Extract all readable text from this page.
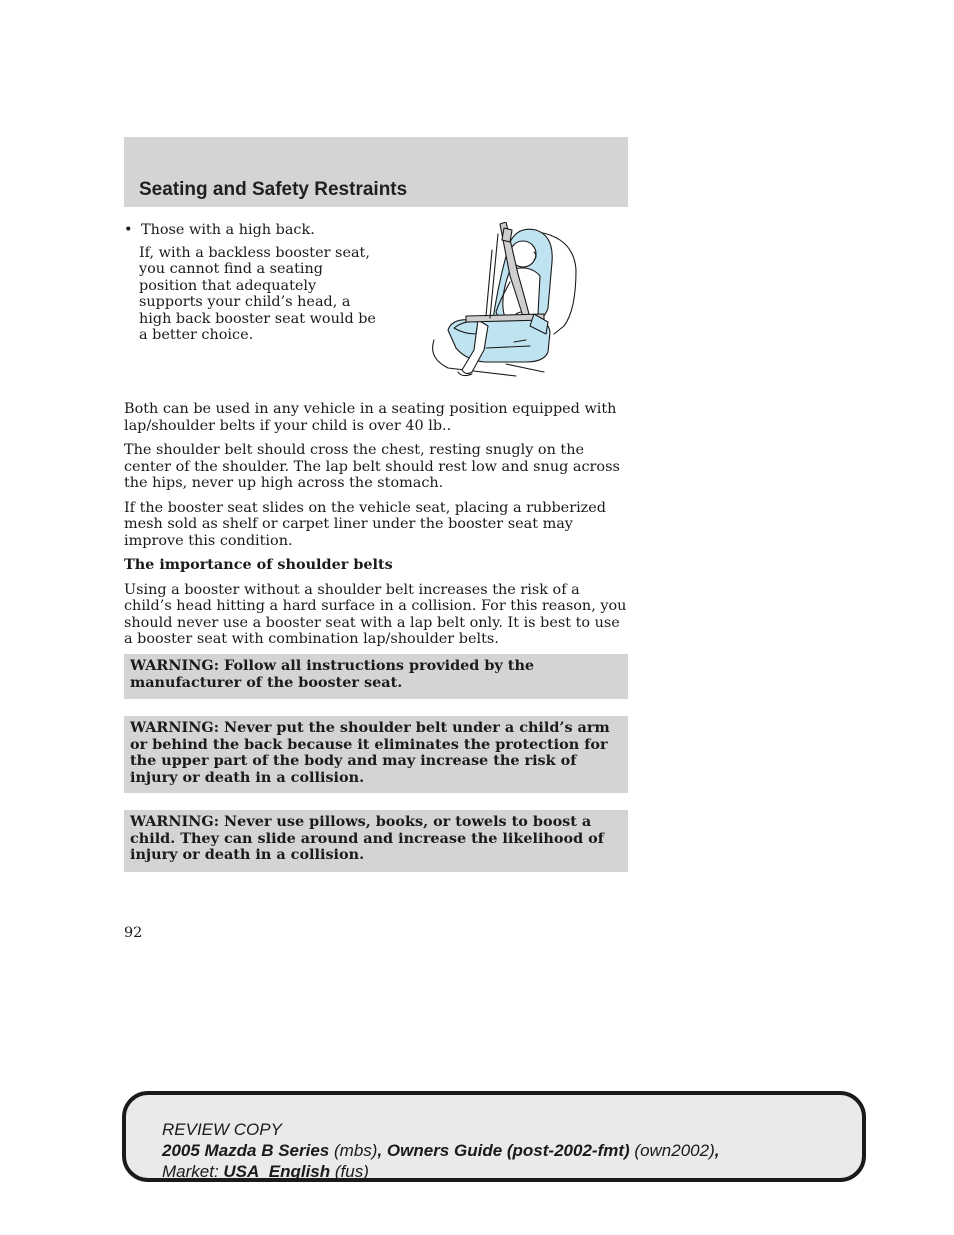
Seating and Safety Restraints
• Those with a high back.

If, with a backless booster seat, you cannot find a seating position that adequately supports your child’s head, a high back booster seat would be a better choice.

Both can be used in any vehicle in a seating position equipped with lap/shoulder belts if your child is over 40 lb..

The shoulder belt should cross the chest, resting snugly on the center of the shoulder. The lap belt should rest low and snug across the hips, never up high across the stomach.

If the booster seat slides on the vehicle seat, placing a rubberized mesh sold as shelf or carpet liner under the booster seat may improve this condition.

The importance of shoulder belts

Using a booster without a shoulder belt increases the risk of a child’s head hitting a hard surface in a collision. For this reason, you should never use a booster seat with a lap belt only. It is best to use a booster seat with combination lap/shoulder belts.

WARNING: Follow all instructions provided by the manufacturer of the booster seat.
WARNING: Never put the shoulder belt under a child’s arm or behind the back because it eliminates the protection for the upper part of the body and may increase the risk of injury or death in a collision.
WARNING: Never use pillows, books, or towels to boost a child. They can slide around and increase the likelihood of injury or death in a collision.
92
REVIEW COPY
2005 Mazda B Series (mbs), Owners Guide (post-2002-fmt) (own2002),
Market: USA_English (fus)
